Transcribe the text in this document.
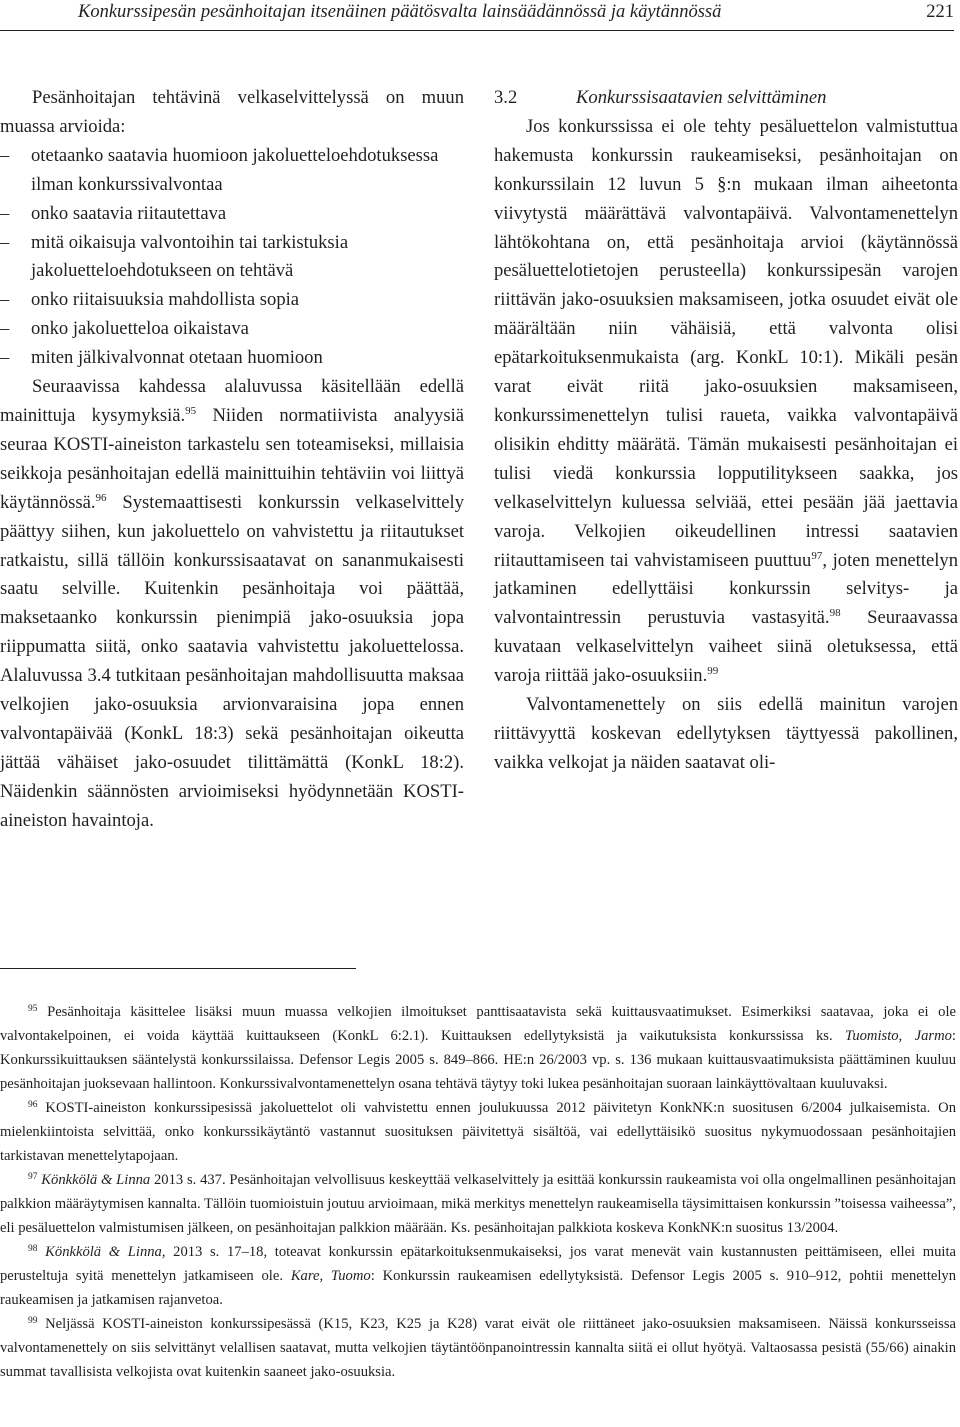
Konkurssipesän pesänhoitajan itsenäinen päätösvalta lainsäädännössä ja käytännössä	221

Pesänhoitajan tehtävinä velkaselvittelyssä on muun muassa arvioida:

– otetaanko saatavia huomioon jakoluetteloehdotuksessa ilman konkurssivalvontaa
– onko saatavia riitautettava
– mitä oikaisuja valvontoihin tai tarkistuksia jakoluetteloehdotukseen on tehtävä
– onko riitaisuuksia mahdollista sopia
– onko jakoluetteloa oikaistava
– miten jälkivalvonnat otetaan huomioon

Seuraavissa kahdessa alaluvussa käsitellään edellä mainittuja kysymyksiä.$^{95}$ Niiden normatiivista analyysiä seuraa KOSTI-aineiston tarkastelu sen toteamiseksi, millaisia seikkoja pesänhoitajan edellä mainittuihin tehtäviin voi liittyä käytännössä.$^{96}$ Systemaattisesti konkurssin velkaselvittely päättyy siihen, kun jakoluettelo on vahvistettu ja riitautukset ratkaistu, sillä tällöin konkurssisaatavat on sananmukaisesti saatu selville. Kuitenkin pesänhoitaja voi päättää, maksetaanko konkurssin pienimpiä jako-osuuksia jopa riippumatta siitä, onko saatavia vahvistettu jakoluettelossa. Alaluvussa 3.4 tutkitaan pesänhoitajan mahdollisuutta maksaa velkojien jako-osuuksia arvionvaraisina jopa ennen valvontapäivää (KonkL 18:3) sekä pesänhoitajan oikeutta jättää vähäiset jako-osuudet tilittämättä (KonkL 18:2). Näidenkin säännösten arvioimiseksi hyödynnetään KOSTI-aineiston havaintoja.

3.2	Konkurssisaatavien selvittäminen

Jos konkurssissa ei ole tehty pesäluettelon valmistuttua hakemusta konkurssin raukeamiseksi, pesänhoitajan on konkurssilain 12 luvun 5 §:n mukaan ilman aiheetonta viivytystä määrättävä valvontapäivä. Valvontamenettelyn lähtökohtana on, että pesänhoitaja arvioi (käytännössä pesäluettelotietojen perusteella) konkurssipesän varojen riittävän jako-osuuksien maksamiseen, jotka osuudet eivät ole määrältään niin vähäisiä, että valvonta olisi epätarkoituksenmukaista (arg. KonkL 10:1). Mikäli pesän varat eivät riitä jako-osuuksien maksamiseen, konkurssimenettelyn tulisi raueta, vaikka valvontapäivä olisikin ehditty määrätä. Tämän mukaisesti pesänhoitajan ei tulisi viedä konkurssia lopputilitykseen saakka, jos velkaselvittelyn kuluessa selviää, ettei pesään jää jaettavia varoja. Velkojien oikeudellinen intressi saatavien riitauttamiseen tai vahvistamiseen puuttuu$^{97}$, joten menettelyn jatkaminen edellyttäisi konkurssin selvitys- ja valvontaintressin perustuvia vastasyitä.$^{98}$ Seuraavassa kuvataan velkaselvittelyn vaiheet siinä oletuksessa, että varoja riittää jako-osuuksiin.$^{99}$

Valvontamenettely on siis edellä mainitun varojen riittävyyttä koskevan edellytyksen täyttyessä pakollinen, vaikka velkojat ja näiden saatavat oli-

$^{95}$ Pesänhoitaja käsittelee lisäksi muun muassa velkojien ilmoitukset panttisaatavista sekä kuittausvaatimukset. Esimerkiksi saatavaa, joka ei ole valvontakelpoinen, ei voida käyttää kuittaukseen (KonkL 6:2.1). Kuittauksen edellytyksistä ja vaikutuksista konkurssissa ks. Tuomisto, Jarmo: Konkurssikuittauksen sääntelystä konkurssilaissa. Defensor Legis 2005 s. 849–866. HE:n 26/2003 vp. s. 136 mukaan kuittausvaatimuksista päättäminen kuuluu pesänhoitajan juoksevaan hallintoon. Konkurssivalvontamenettelyn osana tehtävä täytyy toki lukea pesänhoitajan suoraan lainkäyttövaltaan kuuluvaksi.

$^{96}$ KOSTI-aineiston konkurssipesissä jakoluettelot oli vahvistettu ennen joulukuussa 2012 päivitetyn KonkNK:n suositusen 6/2004 julkaisemista. On mielenkiintoista selvittää, onko konkurssikäytäntö vastannut suosituksen päivitettyä sisältöä, vai edellyttäisikö suositus nykymuodossaan pesänhoitajien tarkistavan menettelytapojaan.

$^{97}$ Könkkölä & Linna 2013 s. 437. Pesänhoitajan velvollisuus keskeyttää velkaselvittely ja esittää konkurssin raukeamista voi olla ongelmallinen pesänhoitajan palkkion määräytymisen kannalta. Tällöin tuomioistuin joutuu arvioimaan, mikä merkitys menettelyn raukeamisella täysimittaisen konkurssin ”toisessa vaiheessa”, eli pesäluettelon valmistumisen jälkeen, on pesänhoitajan palkkion määrään. Ks. pesänhoitajan palkkiota koskeva KonkNK:n suositus 13/2004.

$^{98}$ Könkkölä & Linna, 2013 s. 17–18, toteavat konkurssin epätarkoituksenmukaiseksi, jos varat menevät vain kustannusten peittämiseen, ellei muita perusteltuja syitä menettelyn jatkamiseen ole. Kare, Tuomo: Konkurssin raukeamisen edellytyksistä. Defensor Legis 2005 s. 910–912, pohtii menettelyn raukeamisen ja jatkamisen rajanvetoa.

$^{99}$ Neljässä KOSTI-aineiston konkurssipesässä (K15, K23, K25 ja K28) varat eivät ole riittäneet jako-osuuksien maksamiseen. Näissä konkursseissa valvontamenettely on siis selvittänyt velallisen saatavat, mutta velkojien täytäntöönpanointressin kannalta siitä ei ollut hyötyä. Valtaosassa pesistä (55/66) ainakin summat tavallisista velkojista ovat kuitenkin saaneet jako-osuuksia.
